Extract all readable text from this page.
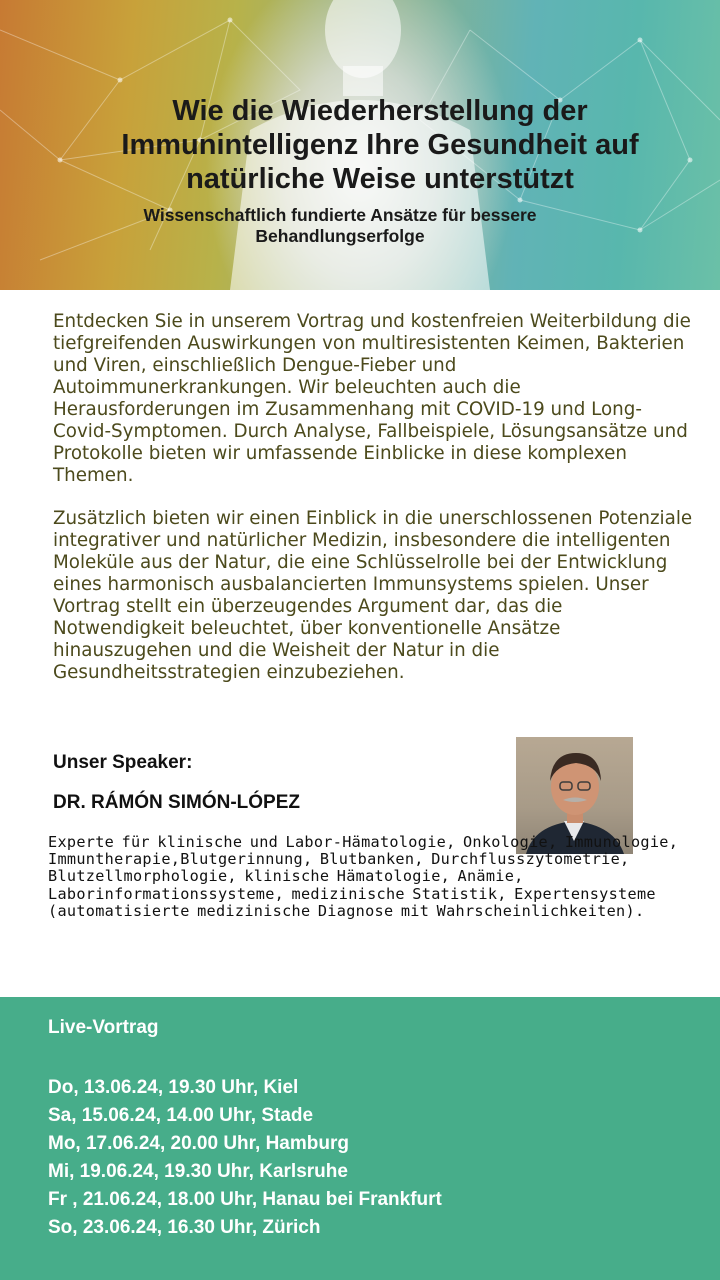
Wie die Wiederherstellung der Immunintelligenz Ihre Gesundheit auf natürliche Weise unterstützt

Wissenschaftlich fundierte Ansätze für bessere Behandlungserfolge

Entdecken Sie in unserem Vortrag und kostenfreien Weiterbildung die tiefgreifenden Auswirkungen von multiresistenten Keimen, Bakterien und Viren, einschließlich Dengue-Fieber und Autoimmunerkrankungen. Wir beleuchten auch die Herausforderungen im Zusammenhang mit COVID-19 und Long-Covid-Symptomen. Durch Analyse, Fallbeispiele, Lösungsansätze und Protokolle bieten wir umfassende Einblicke in diese komplexen Themen.

Zusätzlich bieten wir einen Einblick in die unerschlossenen Potenziale integrativer und natürlicher Medizin, insbesondere die intelligenten Moleküle aus der Natur, die eine Schlüsselrolle bei der Entwicklung eines harmonisch ausbalancierten Immunsystems spielen. Unser Vortrag stellt ein überzeugendes Argument dar, das die Notwendigkeit beleuchtet, über konventionelle Ansätze hinauszugehen und die Weisheit der Natur in die Gesundheitsstrategien einzubeziehen.

Unser Speaker:
DR. RÁMÓN SIMÓN-LÓPEZ

Experte für klinische und Labor-Hämatologie, Onkologie, Immunologie, Immuntherapie,Blutgerinnung, Blutbanken, Durchflusszytometrie, Blutzellmorphologie, klinische Hämatologie, Anämie, Laborinformationssysteme, medizinische Statistik, Expertensysteme (automatisierte medizinische Diagnose mit Wahrscheinlichkeiten).

Live-Vortrag
Do, 13.06.24, 19.30 Uhr, Kiel
Sa, 15.06.24, 14.00 Uhr, Stade
Mo, 17.06.24, 20.00 Uhr, Hamburg
Mi, 19.06.24, 19.30 Uhr, Karlsruhe
Fr , 21.06.24, 18.00 Uhr, Hanau bei Frankfurt
So, 23.06.24, 16.30 Uhr, Zürich
